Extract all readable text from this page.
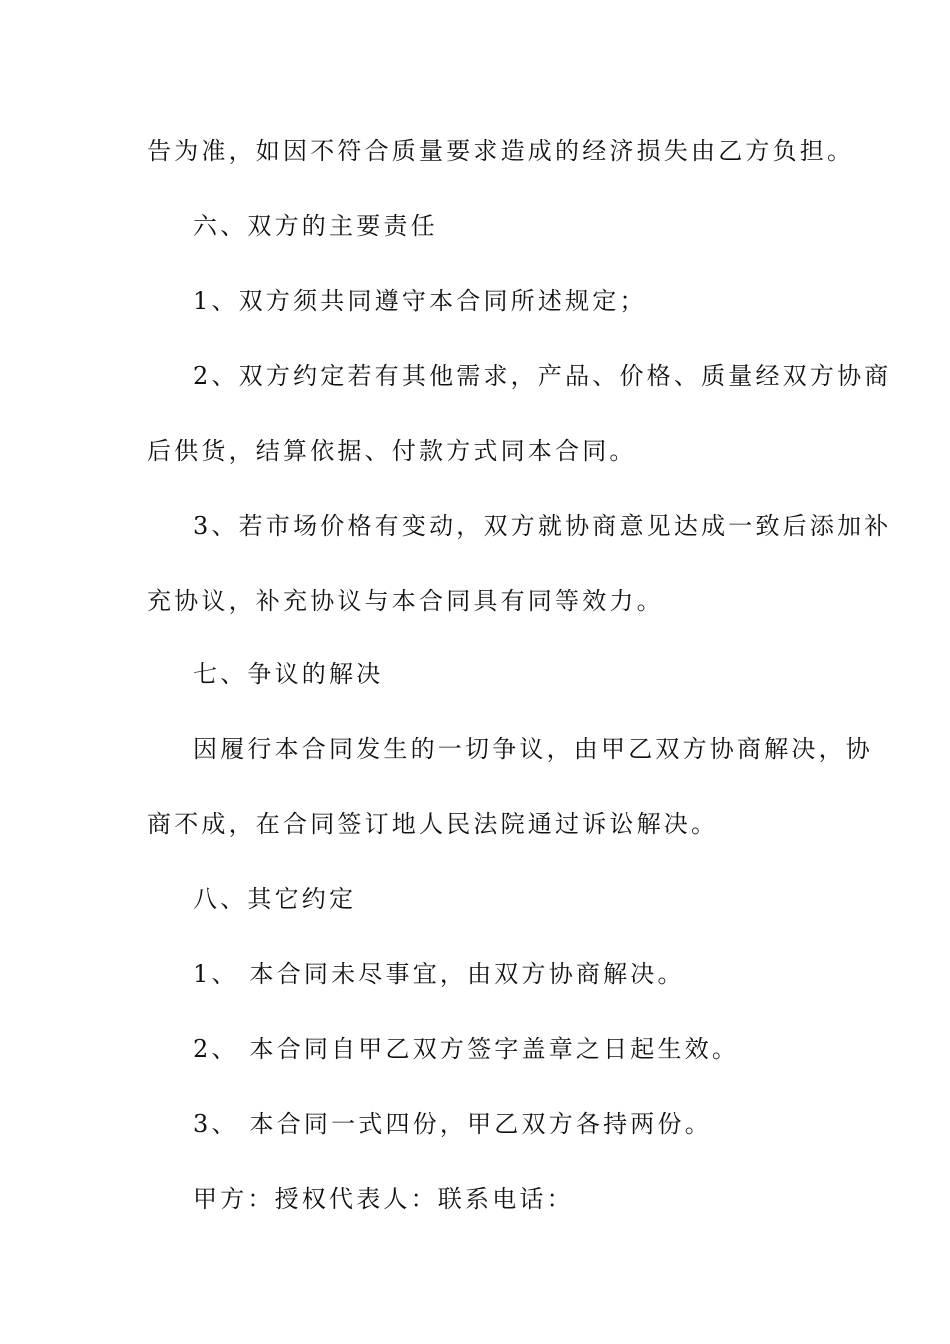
告为准，如因不符合质量要求造成的经济损失由乙方负担。
六、双方的主要责任
1、双方须共同遵守本合同所述规定；
2、双方约定若有其他需求，产品、价格、质量经双方协商
后供货，结算依据、付款方式同本合同。
3、若市场价格有变动，双方就协商意见达成一致后添加补
充协议，补充协议与本合同具有同等效力。
七、争议的解决
因履行本合同发生的一切争议，由甲乙双方协商解决，协
商不成，在合同签订地人民法院通过诉讼解决。
八、其它约定
1、 本合同未尽事宜，由双方协商解决。
2、 本合同自甲乙双方签字盖章之日起生效。
3、 本合同一式四份，甲乙双方各持两份。
甲方：授权代表人：联系电话：
